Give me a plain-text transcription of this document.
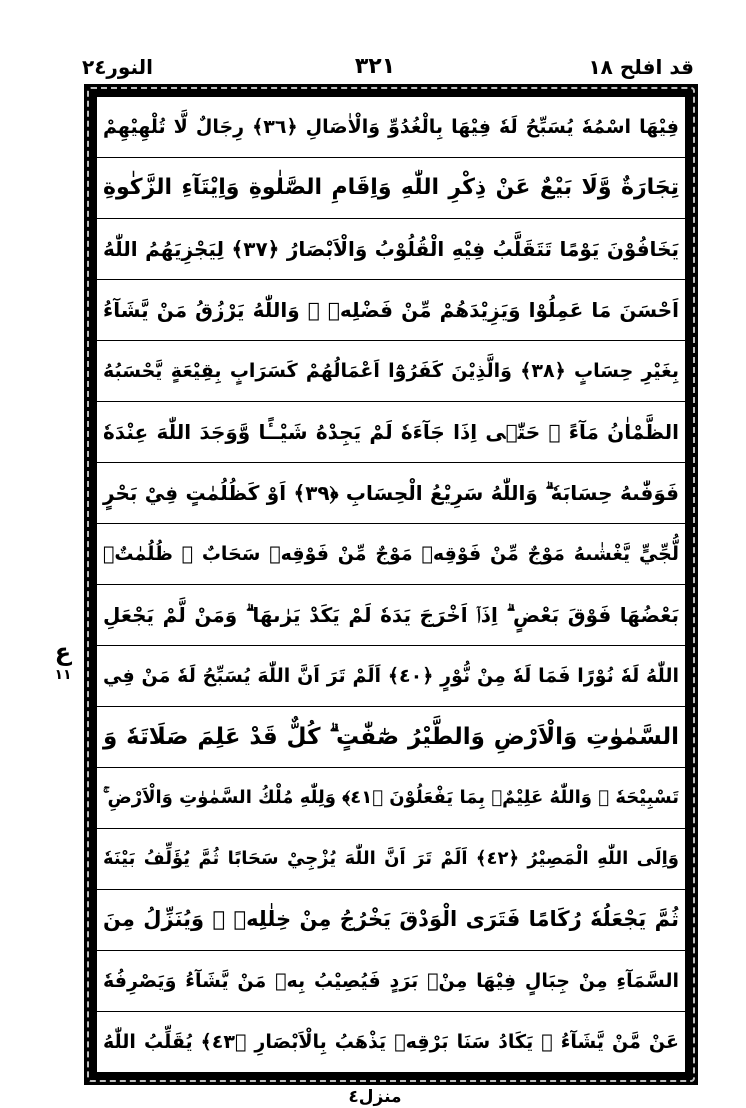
النور٢٤	٣٢١	قد افلح ١٨
ع
١١
فِيْهَا اسْمُهٗ يُسَبِّحُ لَهٗ فِيْهَا بِالْغُدُوِّ وَالْاٰصَالِ ﴿٣٦﴾ رِجَالٌ لَّا تُلْهِيْهِمْ
تِجَارَةٌ وَّلَا بَيْعٌ عَنْ ذِكْرِ اللّٰهِ وَاِقَامِ الصَّلٰوةِ وَاِيْتَآءِ الزَّكٰوةِ
يَخَافُوْنَ يَوْمًا تَتَقَلَّبُ فِيْهِ الْقُلُوْبُ وَالْاَبْصَارُ ﴿٣٧﴾ لِيَجْزِيَهُمُ اللّٰهُ
اَحْسَنَ مَا عَمِلُوْا وَيَزِيْدَهُمْ مِّنْ فَضْلِهٖ ۗ وَاللّٰهُ يَرْزُقُ مَنْ يَّشَآءُ
بِغَيْرِ حِسَابٍ ﴿٣٨﴾ وَالَّذِيْنَ كَفَرُوْٓا اَعْمَالُهُمْ كَسَرَابٍ بِقِيْعَةٍ يَّحْسَبُهُ
الظَّمْاٰنُ مَآءً ۗ حَتّٰۤى اِذَا جَآءَهٗ لَمْ يَجِدْهُ شَيْــًٔا وَّوَجَدَ اللّٰهَ عِنْدَهٗ
فَوَفّٰىهُ حِسَابَهٗ ۗ وَاللّٰهُ سَرِيْعُ الْحِسَابِ ﴿٣٩﴾ اَوْ كَظُلُمٰتٍ فِيْ بَحْرٍ
لُّجِّيٍّ يَّغْشٰىهُ مَوْجٌ مِّنْ فَوْقِهٖ مَوْجٌ مِّنْ فَوْقِهٖ سَحَابٌ ۗ ظُلُمٰتٌۢ
بَعْضُهَا فَوْقَ بَعْضٍ ۗ اِذَاۤ اَخْرَجَ يَدَهٗ لَمْ يَكَدْ يَرٰىهَا ۗ وَمَنْ لَّمْ يَجْعَلِ
اللّٰهُ لَهٗ نُوْرًا فَمَا لَهٗ مِنْ نُّوْرٍ ﴿٤٠﴾ اَلَمْ تَرَ اَنَّ اللّٰهَ يُسَبِّحُ لَهٗ مَنْ فِي
السَّمٰوٰتِ وَالْاَرْضِ وَالطَّيْرُ صٰٓفّٰتٍ ۗ كُلٌّ قَدْ عَلِمَ صَلَاتَهٗ وَ
تَسْبِيْحَهٗ ۗ وَاللّٰهُ عَلِيْمٌۢ بِمَا يَفْعَلُوْنَ ﴿٤١﴾ وَلِلّٰهِ مُلْكُ السَّمٰوٰتِ وَالْاَرْضِ ۚ
وَاِلَى اللّٰهِ الْمَصِيْرُ ﴿٤٢﴾ اَلَمْ تَرَ اَنَّ اللّٰهَ يُزْجِيْ سَحَابًا ثُمَّ يُؤَلِّفُ بَيْنَهٗ
ثُمَّ يَجْعَلُهٗ رُكَامًا فَتَرَى الْوَدْقَ يَخْرُجُ مِنْ خِلٰلِهٖ ۚ وَيُنَزِّلُ مِنَ
السَّمَآءِ مِنْ جِبَالٍ فِيْهَا مِنْۢ بَرَدٍ فَيُصِيْبُ بِهٖ مَنْ يَّشَآءُ وَيَصْرِفُهٗ
عَنْ مَّنْ يَّشَآءُ ۗ يَكَادُ سَنَا بَرْقِهٖ يَذْهَبُ بِالْاَبْصَارِ ﴿٤٣﴾ يُقَلِّبُ اللّٰهُ
منزل٤
